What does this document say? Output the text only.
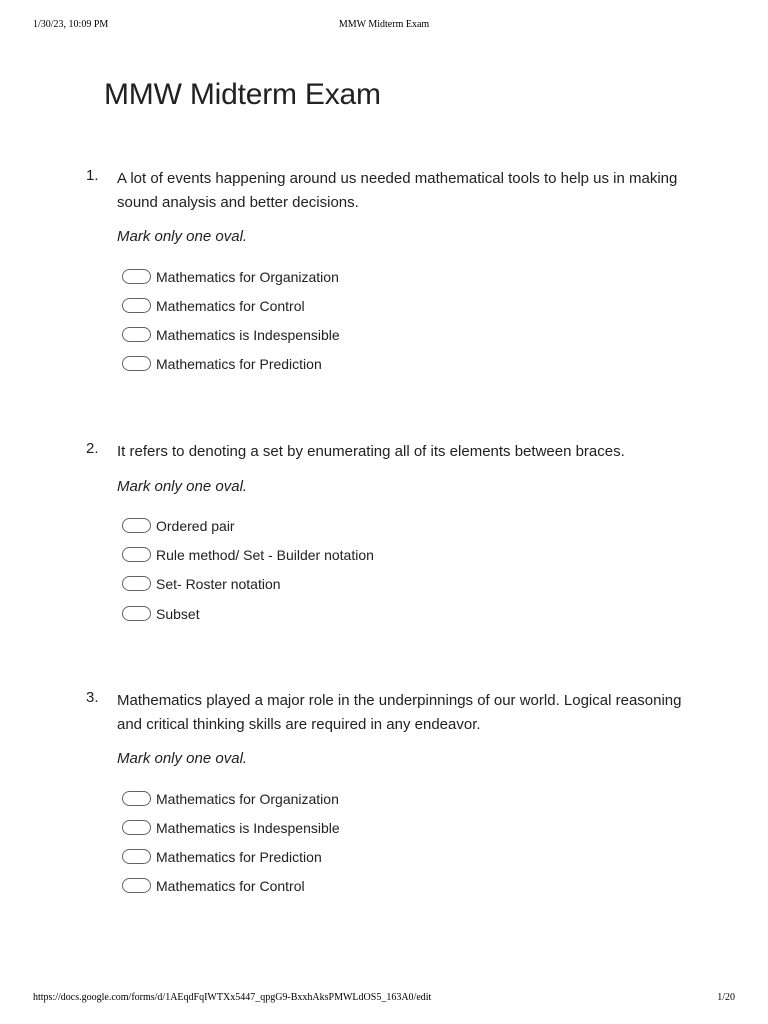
1/30/23, 10:09 PM	MMW Midterm Exam
MMW Midterm Exam
1. A lot of events happening around us needed mathematical tools to help us in making sound analysis and better decisions.
Mark only one oval.
Mathematics for Organization
Mathematics for Control
Mathematics is Indespensible
Mathematics for Prediction
2. It refers to denoting a set by enumerating all of its elements between braces.
Mark only one oval.
Ordered pair
Rule method/ Set - Builder notation
Set- Roster notation
Subset
3. Mathematics played a major role in the underpinnings of our world. Logical reasoning and critical thinking skills are required in any endeavor.
Mark only one oval.
Mathematics for Organization
Mathematics is Indespensible
Mathematics for Prediction
Mathematics for Control
https://docs.google.com/forms/d/1AEqdFqIWTXx5447_qpgG9-BxxhAksPMWLdOS5_163A0/edit	1/20
